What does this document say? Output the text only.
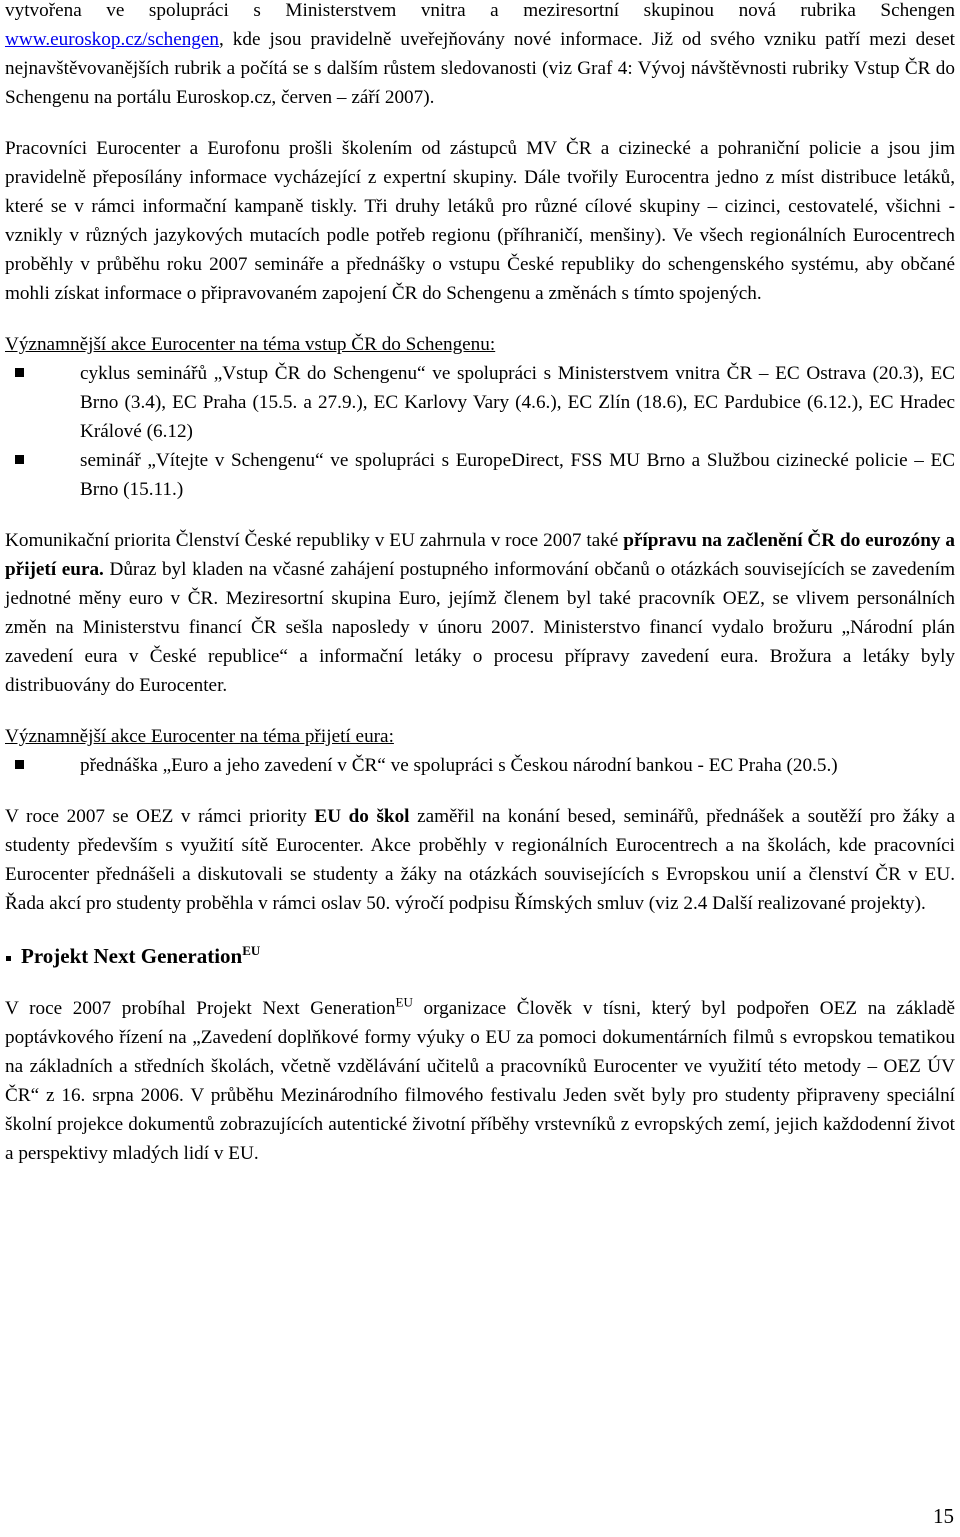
vytvořena ve spolupráci s Ministerstvem vnitra a meziresortní skupinou nová rubrika Schengen www.euroskop.cz/schengen, kde jsou pravidelně uveřejňovány nové informace. Již od svého vzniku patří mezi deset nejnavštěvovanějších rubrik a počítá se s dalším růstem sledovanosti (viz Graf 4: Vývoj návštěvnosti rubriky Vstup ČR do Schengenu na portálu Euroskop.cz, červen – září 2007).

Pracovníci Eurocenter a Eurofonu prošli školením od zástupců MV ČR a cizinecké a pohraniční policie a jsou jim pravidelně přeposílány informace vycházející z expertní skupiny. Dále tvořily Eurocentra jedno z míst distribuce letáků, které se v rámci informační kampaně tiskly. Tři druhy letáků pro různé cílové skupiny – cizinci, cestovatelé, všichni - vznikly v různých jazykových mutacích podle potřeb regionu (příhraničí, menšiny). Ve všech regionálních Eurocentrech proběhly v průběhu roku 2007 semináře a přednášky o vstupu České republiky do schengenského systému, aby občané mohli získat informace o připravovaném zapojení ČR do Schengenu a změnách s tímto spojených.

Významnější akce Eurocenter na téma vstup ČR do Schengenu:

cyklus seminářů „Vstup ČR do Schengenu“ ve spolupráci s Ministerstvem vnitra ČR – EC Ostrava (20.3), EC Brno (3.4), EC Praha (15.5. a 27.9.), EC Karlovy Vary (4.6.), EC Zlín (18.6), EC Pardubice (6.12.), EC Hradec Králové (6.12)
seminář „Vítejte v Schengenu“ ve spolupráci s EuropeDirect, FSS MU Brno a Službou cizinecké policie – EC Brno (15.11.)

Komunikační priorita Členství České republiky v EU zahrnula v roce 2007 také přípravu na začlenění ČR do eurozóny a přijetí eura. Důraz byl kladen na včasné zahájení postupného informování občanů o otázkách souvisejících se zavedením jednotné měny euro v ČR. Meziresortní skupina Euro, jejímž členem byl také pracovník OEZ, se vlivem personálních změn na Ministerstvu financí ČR sešla naposledy v únoru 2007. Ministerstvo financí vydalo brožuru „Národní plán zavedení eura v České republice“ a informační letáky o procesu přípravy zavedení eura. Brožura a letáky byly distribuovány do Eurocenter.

Významnější akce Eurocenter na téma přijetí eura:

přednáška „Euro a jeho zavedení v ČR“ ve spolupráci s Českou národní bankou - EC Praha (20.5.)

V roce 2007 se OEZ v rámci priority EU do škol zaměřil na konání besed, seminářů, přednášek a soutěží pro žáky a studenty především s využití sítě Eurocenter. Akce proběhly v regionálních Eurocentrech a na školách, kde pracovníci Eurocenter přednášeli a diskutovali se studenty a žáky na otázkách souvisejících s Evropskou unií a členství ČR v EU. Řada akcí pro studenty proběhla v rámci oslav 50. výročí podpisu Římských smluv (viz 2.4 Další realizované projekty).

Projekt Next Generation$^{EU}$

V roce 2007 probíhal Projekt Next Generation$^{EU}$ organizace Člověk v tísni, který byl podpořen OEZ na základě poptávkového řízení na „Zavedení doplňkové formy výuky o EU za pomoci dokumentárních filmů s evropskou tematikou na základních a středních školách, včetně vzdělávání učitelů a pracovníků Eurocenter ve využití této metody – OEZ ÚV ČR“ z 16. srpna 2006. V průběhu Mezinárodního filmového festivalu Jeden svět byly pro studenty připraveny speciální školní projekce dokumentů zobrazujících autentické životní příběhy vrstevníků z evropských zemí, jejich každodenní život a perspektivy mladých lidí v EU.

15
